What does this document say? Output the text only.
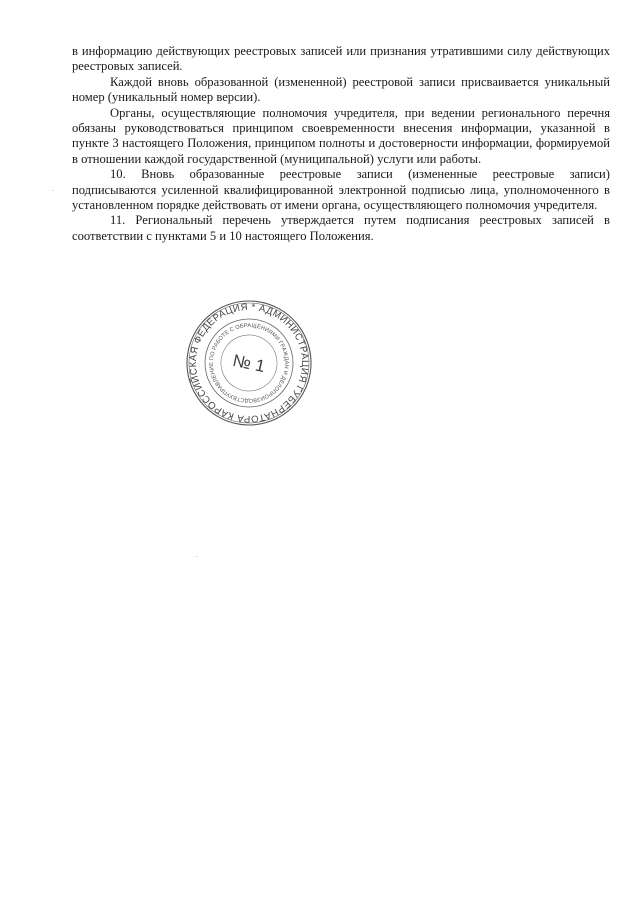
в информацию действующих реестровых записей или признания утратившими силу действующих реестровых записей.

Каждой вновь образованной (измененной) реестровой записи присваивается уникальный номер (уникальный номер версии).

Органы, осуществляющие полномочия учредителя, при ведении регионального перечня обязаны руководствоваться принципом своевременности внесения информации, указанной в пункте 3 настоящего Положения, принципом полноты и достоверности информации, формируемой в отношении каждой государственной (муниципальной) услуги или работы.

10. Вновь образованные реестровые записи (измененные реестровые записи) подписываются усиленной квалифицированной электронной подписью лица, уполномоченного в установленном порядке действовать от имени органа, осуществляющего полномочия учредителя.

11. Региональный перечень утверждается путем подписания реестровых записей в соответствии с пунктами 5 и 10 настоящего Положения.

РОССИЙСКАЯ ФЕДЕРАЦИЯ * АДМИНИСТРАЦИЯ ГУБЕРНАТОРА КАЛУЖСКОЙ
УПРАВЛЕНИЕ ПО РАБОТЕ С ОБРАЩЕНИЯМИ ГРАЖДАН И ДЕЛОПРОИЗВОДСТВУ
№ 1
